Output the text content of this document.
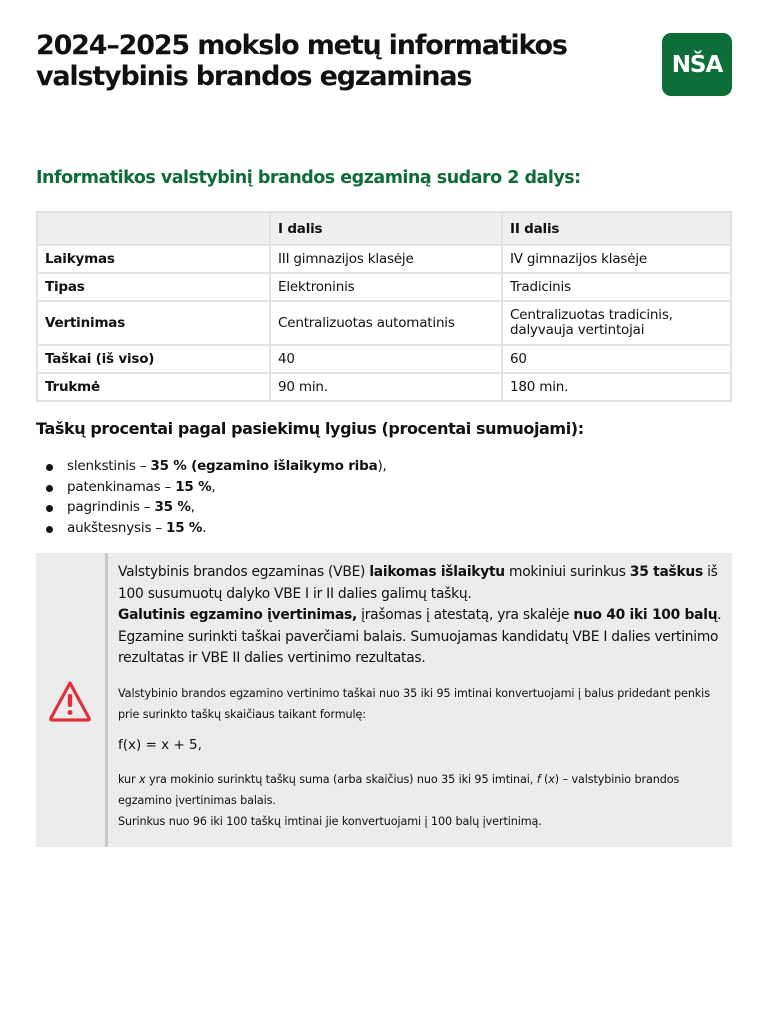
2024–2025 mokslo metų informatikos
valstybinis brandos egzaminas	NŠA
Informatikos valstybinį brandos egzaminą sudaro 2 dalys:
	I dalis	II dalis
Laikymas	III gimnazijos klasėje	IV gimnazijos klasėje
Tipas	Elektroninis	Tradicinis
Vertinimas	Centralizuotas automatinis	Centralizuotas tradicinis,
dalyvauja vertintojai
Taškai (iš viso)	40	60
Trukmė	90 min.	180 min.
Taškų procentai pagal pasiekimų lygius (procentai sumuojami):
slenkstinis – 35 % (egzamino išlaikymo riba),
patenkinamas – 15 %,
pagrindinis – 35 %,
aukštesnysis – 15 %.

Valstybinis brandos egzaminas (VBE) laikomas išlaikytu mokiniui surinkus 35 taškus iš 100 susumuotų dalyko VBE I ir II dalies galimų taškų.

Galutinis egzamino įvertinimas, įrašomas į atestatą, yra skalėje nuo 40 iki 100 balų.

Egzamine surinkti taškai paverčiami balais. Sumuojamas kandidatų VBE I dalies vertinimo rezultatas ir VBE II dalies vertinimo rezultatas.

Valstybinio brandos egzamino vertinimo taškai nuo 35 iki 95 imtinai konvertuojami į balus pridedant penkis prie surinkto taškų skaičiaus taikant formulę:

f(x) = x + 5,

kur x yra mokinio surinktų taškų suma (arba skaičius) nuo 35 iki 95 imtinai, f (x) – valstybinio brandos egzamino įvertinimas balais.

Surinkus nuo 96 iki 100 taškų imtinai jie konvertuojami į 100 balų įvertinimą.
